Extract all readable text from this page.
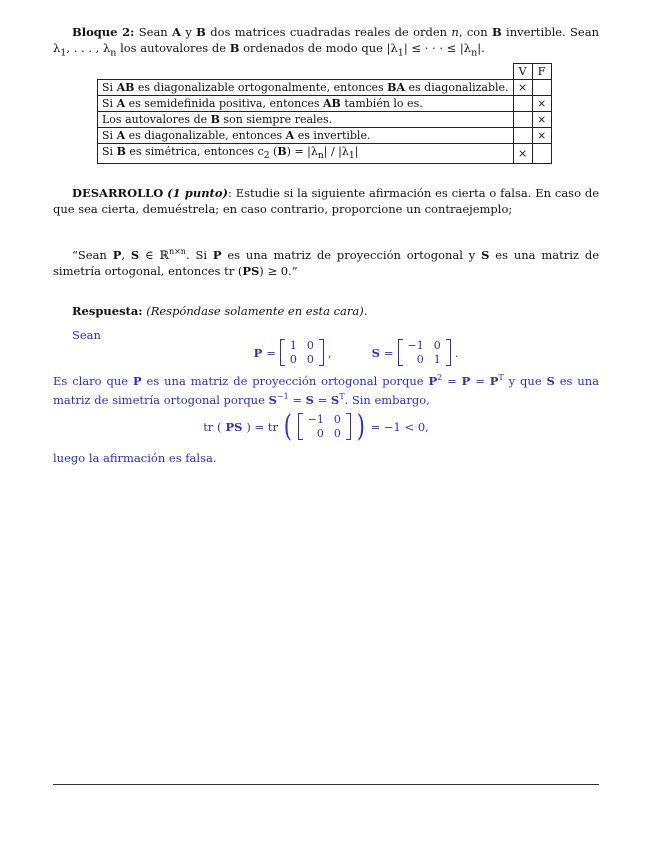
Bloque 2: Sean A y B dos matrices cuadradas reales de orden n, con B invertible. Sean $\lambda_1$, . . . , $\lambda_n$ los autovalores de B ordenados de modo que $|\lambda_1|$ ≤ · · · ≤ $|\lambda_n|$.

	V	F
Si AB es diagonalizable ortogonalmente, entonces BA es diagonalizable.	×	
Si A es semidefinida positiva, entonces AB también lo es.		×
Los autovalores de B son siempre reales.		×
Si A es diagonalizable, entonces A es invertible.		×
Si B es simétrica, entonces $c_2$ $(B) = |\lambda_n| / |\lambda_1|$	×	

DESARROLLO (1 punto): Estudie si la siguiente afirmación es cierta o falsa. En caso de que sea cierta, demuéstrela; en caso contrario, proporcione un contraejemplo;

“Sean P, S ∈ ℝ$^{n\times n}$. Si P es una matriz de proyección ortogonal y S es una matriz de simetría ortogonal, entonces tr (PS) ≥ 0.”

Respuesta: (Respóndase solamente en esta cara).

Sean

P = 1 0
0 0 ,	S = −1 0
0 1 .

Es claro que P es una matriz de proyección ortogonal porque $P^2 = P = P^T$ y que S es una matriz de simetría ortogonal porque $S^{-1} = S = S^T$. Sin embargo,

tr ( PS ) = tr ( −1 0
0 0 ) = −1 < 0,

luego la afirmación es falsa.
